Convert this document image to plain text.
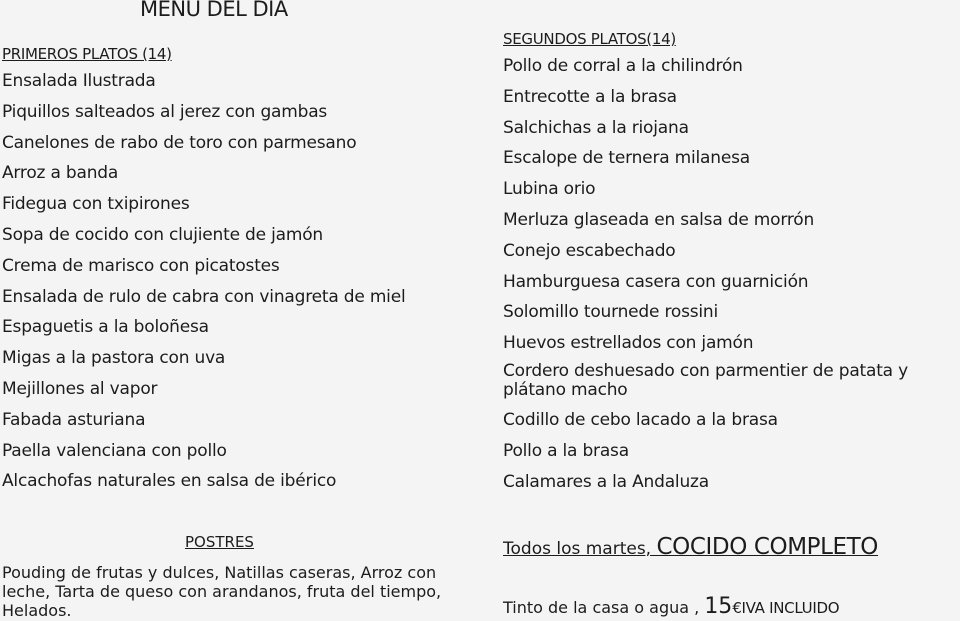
MENU DEL DIA
PRIMEROS PLATOS (14)
Ensalada Ilustrada
Piquillos salteados al jerez con gambas
Canelones de rabo de toro con parmesano
Arroz a banda
Fidegua con txipirones
Sopa de cocido con clujiente de jamón
Crema de marisco con picatostes
Ensalada de rulo de cabra con vinagreta de miel
Espaguetis a la boloñesa
Migas a la pastora con uva
Mejillones al vapor
Fabada asturiana
Paella valenciana con pollo
Alcachofas naturales en salsa de ibérico
SEGUNDOS PLATOS(14)
Pollo de corral a la chilindrón
Entrecotte a la brasa
Salchichas a la riojana
Escalope de ternera milanesa
Lubina orio
Merluza glaseada en salsa de morrón
Conejo escabechado
Hamburguesa casera con guarnición
Solomillo tournede rossini
Huevos estrellados con jamón
Cordero deshuesado con parmentier de patata y plátano macho
Codillo de cebo lacado a la brasa
Pollo a la brasa
Calamares a la Andaluza
POSTRES

Pouding de frutas y dulces, Natillas caseras, Arroz con leche, Tarta de queso con arandanos, fruta del tiempo, Helados.

Todos los martes, COCIDO COMPLETO

Tinto de la casa o agua , 15€IVA INCLUIDO
